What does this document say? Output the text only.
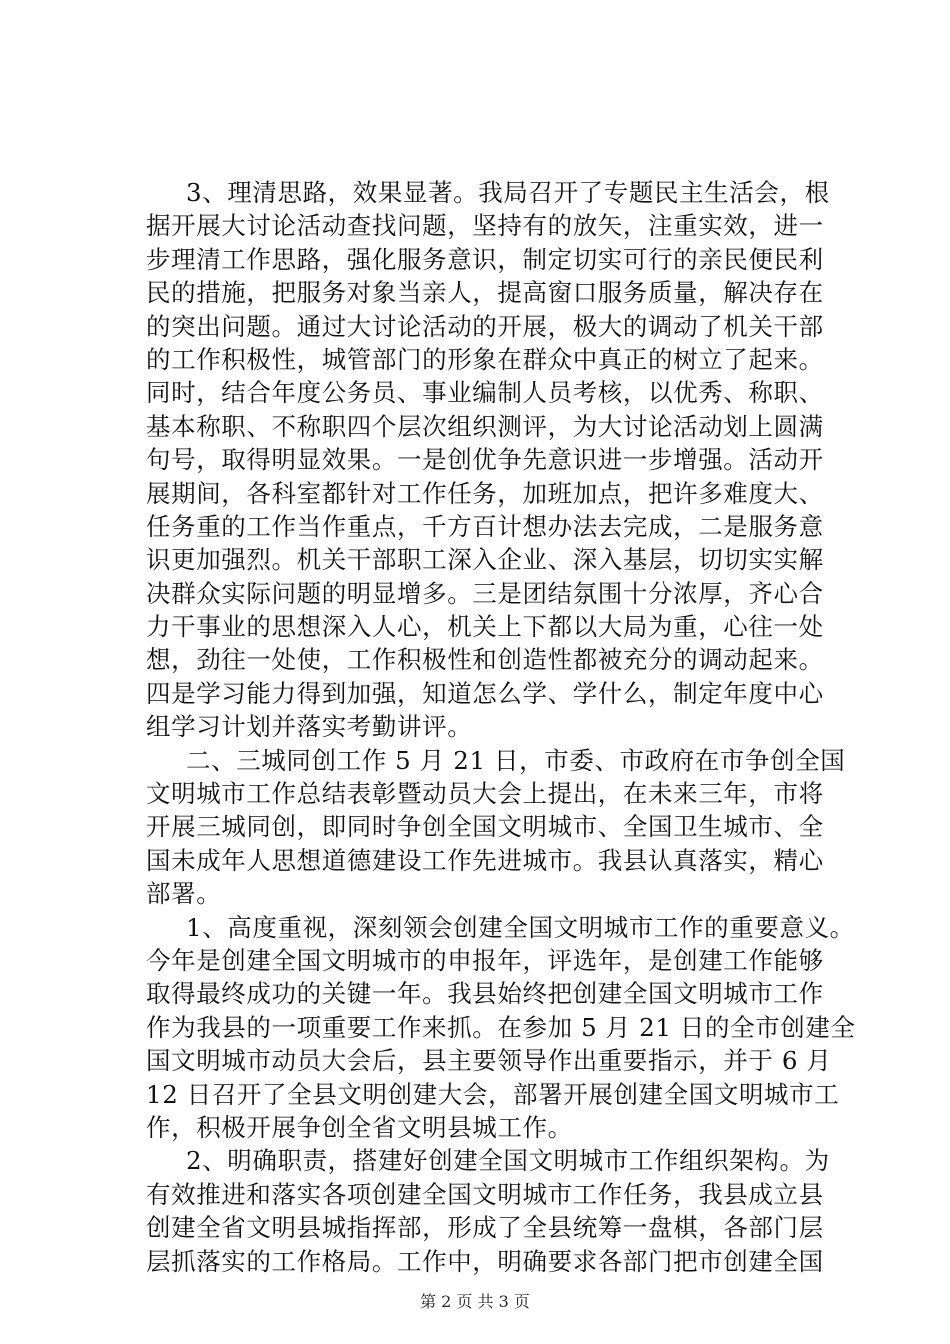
3、理清思路，效果显著。我局召开了专题民主生活会，根
据开展大讨论活动查找问题，坚持有的放矢，注重实效，进一
步理清工作思路，强化服务意识，制定切实可行的亲民便民利
民的措施，把服务对象当亲人，提高窗口服务质量，解决存在
的突出问题。通过大讨论活动的开展，极大的调动了机关干部
的工作积极性，城管部门的形象在群众中真正的树立了起来。
同时，结合年度公务员、事业编制人员考核，以优秀、称职、
基本称职、不称职四个层次组织测评，为大讨论活动划上圆满
句号，取得明显效果。一是创优争先意识进一步增强。活动开
展期间，各科室都针对工作任务，加班加点，把许多难度大、
任务重的工作当作重点，千方百计想办法去完成，二是服务意
识更加强烈。机关干部职工深入企业、深入基层，切切实实解
决群众实际问题的明显增多。三是团结氛围十分浓厚，齐心合
力干事业的思想深入人心，机关上下都以大局为重，心往一处
想，劲往一处使，工作积极性和创造性都被充分的调动起来。
四是学习能力得到加强，知道怎么学、学什么，制定年度中心
组学习计划并落实考勤讲评。
二、三城同创工作 5 月 21 日，市委、市政府在市争创全国
文明城市工作总结表彰暨动员大会上提出，在未来三年，市将
开展三城同创，即同时争创全国文明城市、全国卫生城市、全
国未成年人思想道德建设工作先进城市。我县认真落实，精心
部署。
1、高度重视，深刻领会创建全国文明城市工作的重要意义。
今年是创建全国文明城市的申报年，评选年，是创建工作能够
取得最终成功的关键一年。我县始终把创建全国文明城市工作
作为我县的一项重要工作来抓。在参加 5 月 21 日的全市创建全
国文明城市动员大会后，县主要领导作出重要指示，并于 6 月
12 日召开了全县文明创建大会，部署开展创建全国文明城市工
作，积极开展争创全省文明县城工作。
2、明确职责，搭建好创建全国文明城市工作组织架构。为
有效推进和落实各项创建全国文明城市工作任务，我县成立县
创建全省文明县城指挥部，形成了全县统筹一盘棋，各部门层
层抓落实的工作格局。工作中，明确要求各部门把市创建全国
第 2 页 共 3 页
